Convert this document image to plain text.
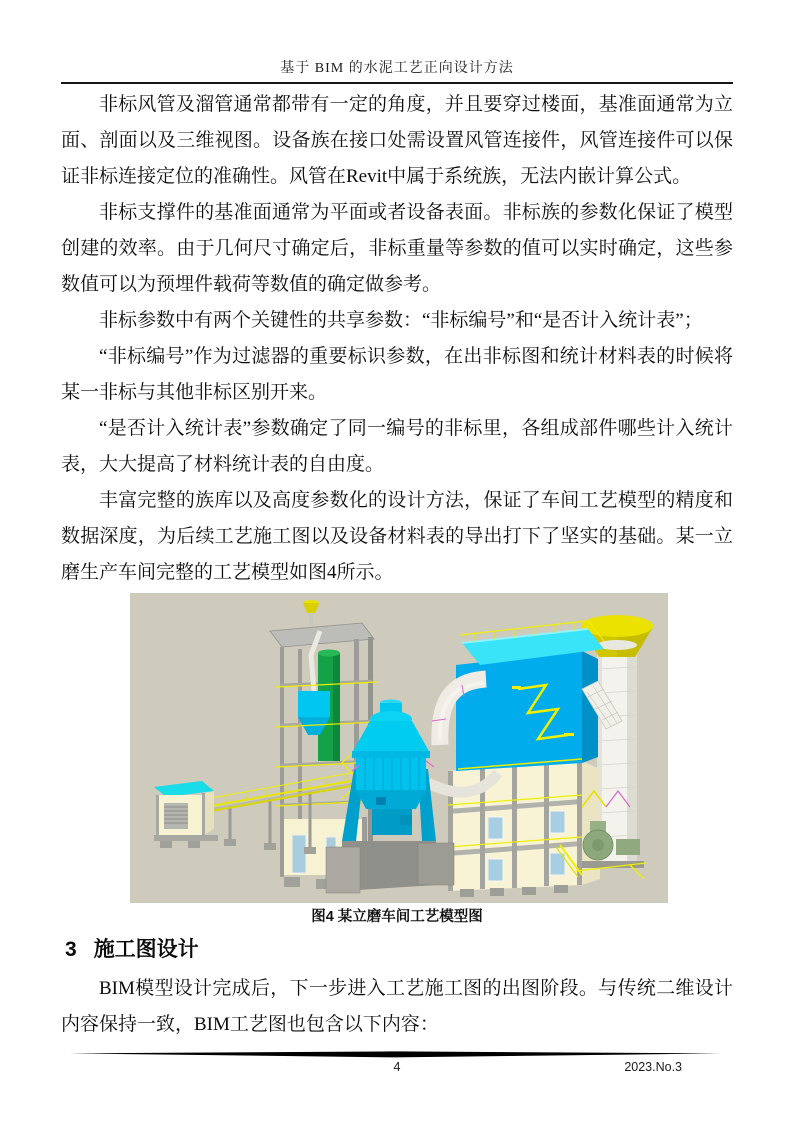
基于 BIM 的水泥工艺正向设计方法

非标风管及溜管通常都带有一定的角度，并且要穿过楼面，基准面通常为立面、剖面以及三维视图。设备族在接口处需设置风管连接件，风管连接件可以保证非标连接定位的准确性。风管在Revit中属于系统族，无法内嵌计算公式。

非标支撑件的基准面通常为平面或者设备表面。非标族的参数化保证了模型创建的效率。由于几何尺寸确定后，非标重量等参数的值可以实时确定，这些参数值可以为预埋件载荷等数值的确定做参考。

非标参数中有两个关键性的共享参数：“非标编号”和“是否计入统计表”；

“非标编号”作为过滤器的重要标识参数，在出非标图和统计材料表的时候将某一非标与其他非标区别开来。

“是否计入统计表”参数确定了同一编号的非标里，各组成部件哪些计入统计表，大大提高了材料统计表的自由度。

丰富完整的族库以及高度参数化的设计方法，保证了车间工艺模型的精度和数据深度，为后续工艺施工图以及设备材料表的导出打下了坚实的基础。某一立磨生产车间完整的工艺模型如图4所示。

图4 某立磨车间工艺模型图
3 施工图设计

BIM模型设计完成后，下一步进入工艺施工图的出图阶段。与传统二维设计内容保持一致，BIM工艺图也包含以下内容：

4	2023.No.3
